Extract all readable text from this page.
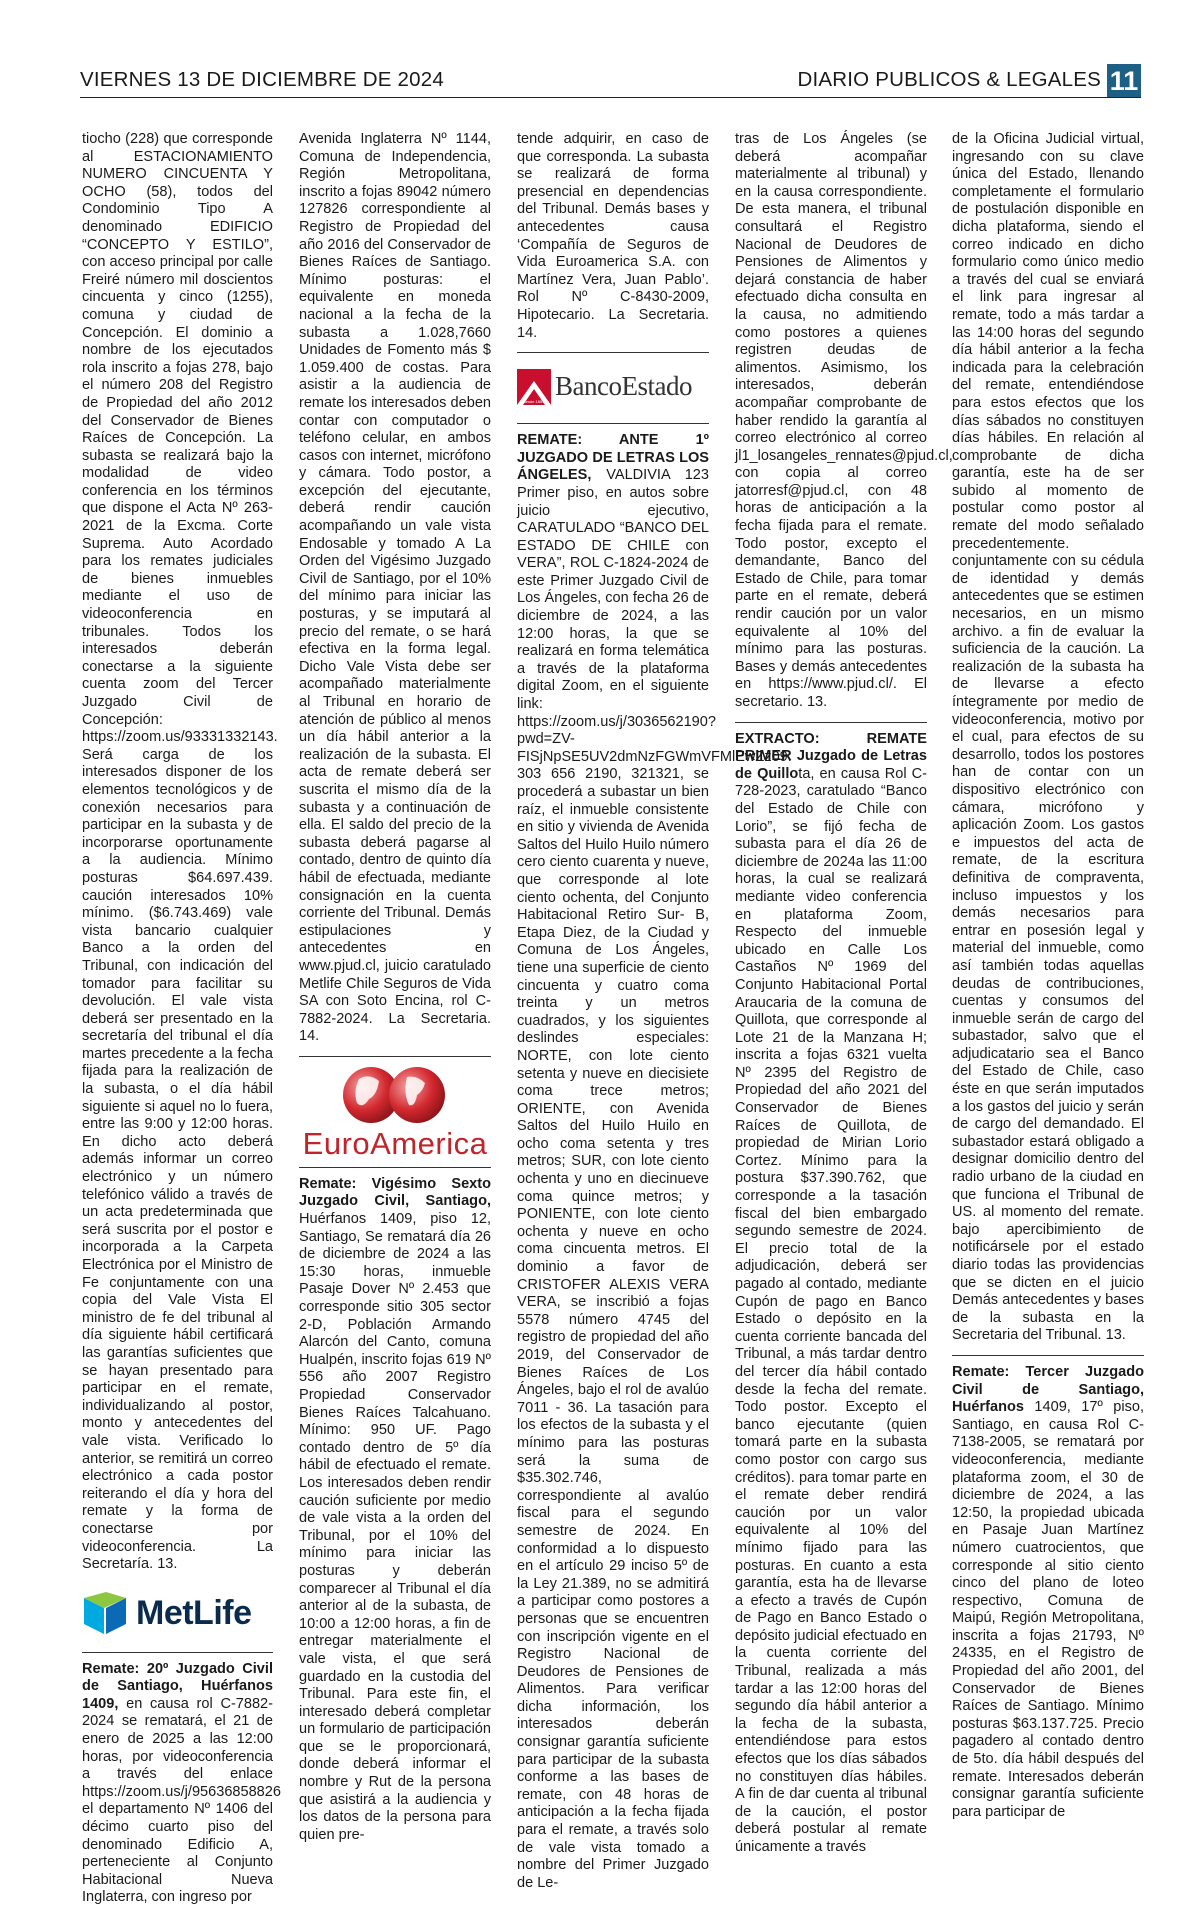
VIERNES 13 DE DICIEMBRE DE 2024	DIARIO PUBLICOS & LEGALES 11

tiocho (228) que corresponde al ESTACIONAMIENTO NUMERO CINCUENTA Y OCHO (58), todos del Condominio Tipo A denominado EDIFICIO “CONCEPTO Y ESTILO”, con acceso principal por calle Freiré número mil doscientos cincuenta y cinco (1255), comuna y ciudad de Concepción. El dominio a nombre de los ejecutados rola inscrito a fojas 278, bajo el número 208 del Registro de Propiedad del año 2012 del Conservador de Bienes Raíces de Concepción. La subasta se realizará bajo la modalidad de video conferencia en los términos que dispone el Acta Nº 263-2021 de la Excma. Corte Suprema. Auto Acordado para los remates judiciales de bienes inmuebles mediante el uso de videoconferencia en tribunales. Todos los interesados deberán conectarse a la siguiente cuenta zoom del Tercer Juzgado Civil de Concepción: https://zoom.us/93331332143. Será carga de los interesados disponer de los elementos tecnológicos y de conexión necesarios para participar en la subasta y de incorporarse oportunamente a la audiencia. Mínimo posturas $64.697.439. caución interesados 10% mínimo. ($6.743.469) vale vista bancario cualquier Banco a la orden del Tribunal, con indicación del tomador para facilitar su devolución. El vale vista deberá ser presentado en la secretaría del tribunal el día martes precedente a la fecha fijada para la realización de la subasta, o el día hábil siguiente si aquel no lo fuera, entre las 9:00 y 12:00 horas. En dicho acto deberá además informar un correo electrónico y un número telefónico válido a través de un acta predeterminada que será suscrita por el postor e incorporada a la Carpeta Electrónica por el Ministro de Fe conjuntamente con una copia del Vale Vista El ministro de fe del tribunal al día siguiente hábil certificará las garantías suficientes que se hayan presentado para participar en el remate, individualizando al postor, monto y antecedentes del vale vista. Verificado lo anterior, se remitirá un correo electrónico a cada postor reiterando el día y hora del remate y la forma de conectarse por videoconferencia. La Secretaría. 13.

MetLife

Remate: 20º Juzgado Civil de Santiago, Huérfanos 1409, en causa rol C-7882-2024 se rematará, el 21 de enero de 2025 a las 12:00 horas, por videoconferencia a través del enlace https://zoom.us/j/95636858826 el departamento Nº 1406 del décimo cuarto piso del denominado Edificio A, perteneciente al Conjunto Habitacional Nueva Inglaterra, con ingreso por

Avenida Inglaterra Nº 1144, Comuna de Independencia, Región Metropolitana, inscrito a fojas 89042 número 127826 correspondiente al Registro de Propiedad del año 2016 del Conservador de Bienes Raíces de Santiago. Mínimo posturas: el equivalente en moneda nacional a la fecha de la subasta a 1.028,7660 Unidades de Fomento más $ 1.059.400 de costas. Para asistir a la audiencia de remate los interesados deben contar con computador o teléfono celular, en ambos casos con internet, micrófono y cámara. Todo postor, a excepción del ejecutante, deberá rendir caución acompañando un vale vista Endosable y tomado A La Orden del Vigésimo Juzgado Civil de Santiago, por el 10% del mínimo para iniciar las posturas, y se imputará al precio del remate, o se hará efectiva en la forma legal. Dicho Vale Vista debe ser acompañado materialmente al Tribunal en horario de atención de público al menos un día hábil anterior a la realización de la subasta. El acta de remate deberá ser suscrita el mismo día de la subasta y a continuación de ella. El saldo del precio de la subasta deberá pagarse al contado, dentro de quinto día hábil de efectuada, mediante consignación en la cuenta corriente del Tribunal. Demás estipulaciones y antecedentes en www.pjud.cl, juicio caratulado Metlife Chile Seguros de Vida SA con Soto Encina, rol C-7882-2024. La Secretaria. 14.

EuroAmerica

Remate: Vigésimo Sexto Juzgado Civil, Santiago, Huérfanos 1409, piso 12, Santiago, Se rematará día 26 de diciembre de 2024 a las 15:30 horas, inmueble Pasaje Dover Nº 2.453 que corresponde sitio 305 sector 2-D, Población Armando Alarcón del Canto, comuna Hualpén, inscrito fojas 619 Nº 556 año 2007 Registro Propiedad Conservador Bienes Raíces Talcahuano. Mínimo: 950 UF. Pago contado dentro de 5º día hábil de efectuado el remate. Los interesados deben rendir caución suficiente por medio de vale vista a la orden del Tribunal, por el 10% del mínimo para iniciar las posturas y deberán comparecer al Tribunal el día anterior al de la subasta, de 10:00 a 12:00 horas, a fin de entregar materialmente el vale vista, el que será guardado en la custodia del Tribunal. Para este fin, el interesado deberá completar un formulario de participación que se le proporcionará, donde deberá informar el nombre y Rut de la persona que asistirá a la audiencia y los datos de la persona para quien pre-

tende adquirir, en caso de que corresponda. La subasta se realizará de forma presencial en dependencias del Tribunal. Demás bases y antecedentes causa ‘Compañía de Seguros de Vida Euroamerica S.A. con Martínez Vera, Juan Pablo’. Rol Nº C-8430-2009, Hipotecario. La Secretaria. 14.

desde 1855
BancoEstado

REMATE: ANTE 1º JUZGADO DE LETRAS LOS ÁNGELES, VALDIVIA 123 Primer piso, en autos sobre juicio ejecutivo, CARATULADO “BANCO DEL ESTADO DE CHILE con VERA”, ROL C-1824-2024 de este Primer Juzgado Civil de Los Ángeles, con fecha 26 de diciembre de 2024, a las 12:00 horas, la que se realizará en forma telemática a través de la plataforma digital Zoom, en el siguiente link: https://zoom.us/j/3036562190?pwd=ZV-FISjNpSE5UV2dmNzFGWmVFMlEwZz09. 303 656 2190, 321321, se procederá a subastar un bien raíz, el inmueble consistente en sitio y vivienda de Avenida Saltos del Huilo Huilo número cero ciento cuarenta y nueve, que corresponde al lote ciento ochenta, del Conjunto Habitacional Retiro Sur- B, Etapa Diez, de la Ciudad y Comuna de Los Ángeles, tiene una superficie de ciento cincuenta y cuatro coma treinta y un metros cuadrados, y los siguientes deslindes especiales: NORTE, con lote ciento setenta y nueve en diecisiete coma trece metros; ORIENTE, con Avenida Saltos del Huilo Huilo en ocho coma setenta y tres metros; SUR, con lote ciento ochenta y uno en diecinueve coma quince metros; y PONIENTE, con lote ciento ochenta y nueve en ocho coma cincuenta metros. El dominio a favor de CRISTOFER ALEXIS VERA VERA, se inscribió a fojas 5578 número 4745 del registro de propiedad del año 2019, del Conservador de Bienes Raíces de Los Ángeles, bajo el rol de avalúo 7011 - 36. La tasación para los efectos de la subasta y el mínimo para las posturas será la suma de $35.302.746, correspondiente al avalúo fiscal para el segundo semestre de 2024. En conformidad a lo dispuesto en el artículo 29 inciso 5º de la Ley 21.389, no se admitirá a participar como postores a personas que se encuentren con inscripción vigente en el Registro Nacional de Deudores de Pensiones de Alimentos. Para verificar dicha información, los interesados deberán consignar garantía suficiente para participar de la subasta conforme a las bases de remate, con 48 horas de anticipación a la fecha fijada para el remate, a través solo de vale vista tomado a nombre del Primer Juzgado de Le-

tras de Los Ángeles (se deberá acompañar materialmente al tribunal) y en la causa correspondiente. De esta manera, el tribunal consultará el Registro Nacional de Deudores de Pensiones de Alimentos y dejará constancia de haber efectuado dicha consulta en la causa, no admitiendo como postores a quienes registren deudas de alimentos. Asimismo, los interesados, deberán acompañar comprobante de haber rendido la garantía al correo electrónico al correo jl1_losangeles_rennates@pjud.cl, con copia al correo jatorresf@pjud.cl, con 48 horas de anticipación a la fecha fijada para el remate. Todo postor, excepto el demandante, Banco del Estado de Chile, para tomar parte en el remate, deberá rendir caución por un valor equivalente al 10% del mínimo para las posturas. Bases y demás antecedentes en https://www.pjud.cl/. El secretario. 13.

EXTRACTO: REMATE PRIMER Juzgado de Letras de Quillota, en causa Rol C-728-2023, caratulado “Banco del Estado de Chile con Lorio”, se fijó fecha de subasta para el día 26 de diciembre de 2024a las 11:00 horas, la cual se realizará mediante video conferencia en plataforma Zoom, Respecto del inmueble ubicado en Calle Los Castaños Nº 1969 del Conjunto Habitacional Portal Araucaria de la comuna de Quillota, que corresponde al Lote 21 de la Manzana H; inscrita a fojas 6321 vuelta Nº 2395 del Registro de Propiedad del año 2021 del Conservador de Bienes Raíces de Quillota, de propiedad de Mirian Lorio Cortez. Mínimo para la postura $37.390.762, que corresponde a la tasación fiscal del bien embargado segundo semestre de 2024. El precio total de la adjudicación, deberá ser pagado al contado, mediante Cupón de pago en Banco Estado o depósito en la cuenta corriente bancada del Tribunal, a más tardar dentro del tercer día hábil contado desde la fecha del remate. Todo postor. Excepto el banco ejecutante (quien tomará parte en la subasta como postor con cargo sus créditos). para tomar parte en el remate deber rendirá caución por un valor equivalente al 10% del mínimo fijado para las posturas. En cuanto a esta garantía, esta ha de llevarse a efecto a través de Cupón de Pago en Banco Estado o depósito judicial efectuado en la cuenta corriente del Tribunal, realizada a más tardar a las 12:00 horas del segundo día hábil anterior a la fecha de la subasta, entendiéndose para estos efectos que los días sábados no constituyen días hábiles. A fin de dar cuenta al tribunal de la caución, el postor deberá postular al remate únicamente a través

de la Oficina Judicial virtual, ingresando con su clave única del Estado, llenando completamente el formulario de postulación disponible en dicha plataforma, siendo el correo indicado en dicho formulario como único medio a través del cual se enviará el link para ingresar al remate, todo a más tardar a las 14:00 horas del segundo día hábil anterior a la fecha indicada para la celebración del remate, entendiéndose para estos efectos que los días sábados no constituyen días hábiles. En relación al comprobante de dicha garantía, este ha de ser subido al momento de postular como postor al remate del modo señalado precedentemente. conjuntamente con su cédula de identidad y demás antecedentes que se estimen necesarios, en un mismo archivo. a fin de evaluar la suficiencia de la caución. La realización de la subasta ha de llevarse a efecto íntegramente por medio de videoconferencia, motivo por el cual, para efectos de su desarrollo, todos los postores han de contar con un dispositivo electrónico con cámara, micrófono y aplicación Zoom. Los gastos e impuestos del acta de remate, de la escritura definitiva de compraventa, incluso impuestos y los demás necesarios para entrar en posesión legal y material del inmueble, como así también todas aquellas deudas de contribuciones, cuentas y consumos del inmueble serán de cargo del subastador, salvo que el adjudicatario sea el Banco del Estado de Chile, caso éste en que serán imputados a los gastos del juicio y serán de cargo del demandado. El subastador estará obligado a designar domicilio dentro del radio urbano de la ciudad en que funciona el Tribunal de US. al momento del remate. bajo apercibimiento de notificársele por el estado diario todas las providencias que se dicten en el juicio Demás antecedentes y bases de la subasta en la Secretaria del Tribunal. 13.

Remate: Tercer Juzgado Civil de Santiago, Huérfanos 1409, 17º piso, Santiago, en causa Rol C-7138-2005, se rematará por videoconferencia, mediante plataforma zoom, el 30 de diciembre de 2024, a las 12:50, la propiedad ubicada en Pasaje Juan Martínez número cuatrocientos, que corresponde al sitio ciento cinco del plano de loteo respectivo, Comuna de Maipú, Región Metropolitana, inscrita a fojas 21793, Nº 24335, en el Registro de Propiedad del año 2001, del Conservador de Bienes Raíces de Santiago. Mínimo posturas $63.137.725. Precio pagadero al contado dentro de 5to. día hábil después del remate. Interesados deberán consignar garantía suficiente para participar de
